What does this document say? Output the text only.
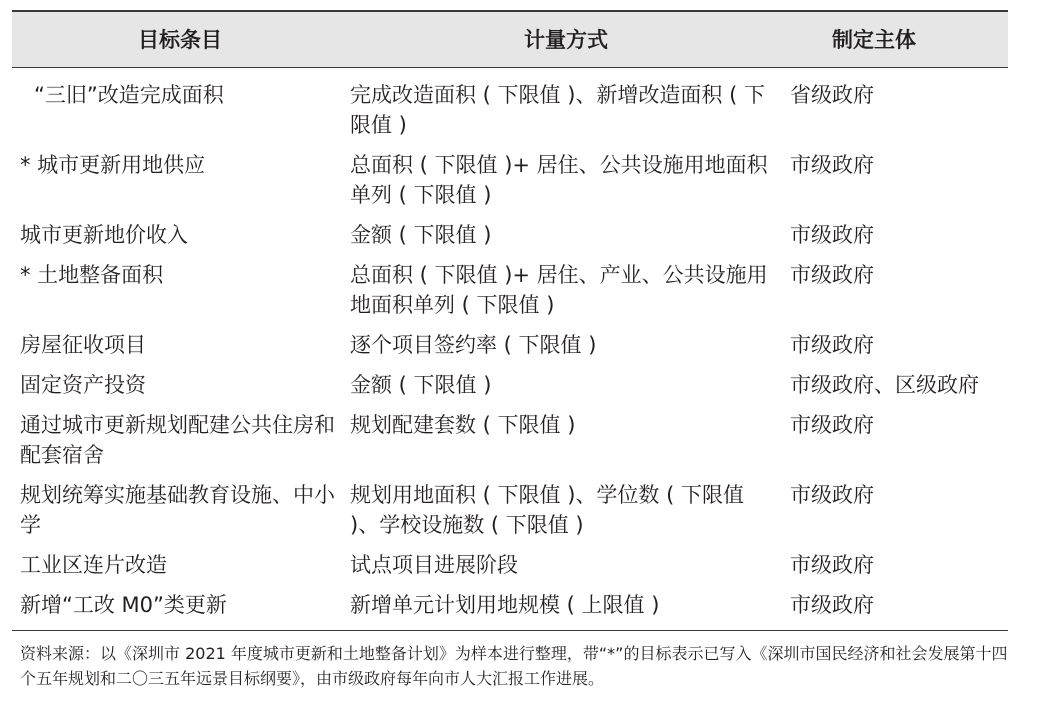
目标条目	计量方式	制定主体
“三旧”改造完成面积	完成改造面积 ( 下限值 )、新增改造面积 ( 下限值 )	省级政府
* 城市更新用地供应	总面积 ( 下限值 )+ 居住、公共设施用地面积单列 ( 下限值 )	市级政府
城市更新地价收入	金额 ( 下限值 )	市级政府
* 土地整备面积	总面积 ( 下限值 )+ 居住、产业、公共设施用地面积单列 ( 下限值 )	市级政府
房屋征收项目	逐个项目签约率 ( 下限值 )	市级政府
固定资产投资	金额 ( 下限值 )	市级政府、区级政府
通过城市更新规划配建公共住房和配套宿舍	规划配建套数 ( 下限值 )	市级政府
规划统筹实施基础教育设施、中小学	规划用地面积 ( 下限值 )、学位数 ( 下限值 )、学校设施数 ( 下限值 )	市级政府
工业区连片改造	试点项目进展阶段	市级政府
新增“工改 M0”类更新	新增单元计划用地规模 ( 上限值 )	市级政府
资料来源：以《深圳市 2021 年度城市更新和土地整备计划》为样本进行整理，带“*”的目标表示已写入《深圳市国民经济和社会发展第十四个五年规划和二〇三五年远景目标纲要》，由市级政府每年向市人大汇报工作进展。
